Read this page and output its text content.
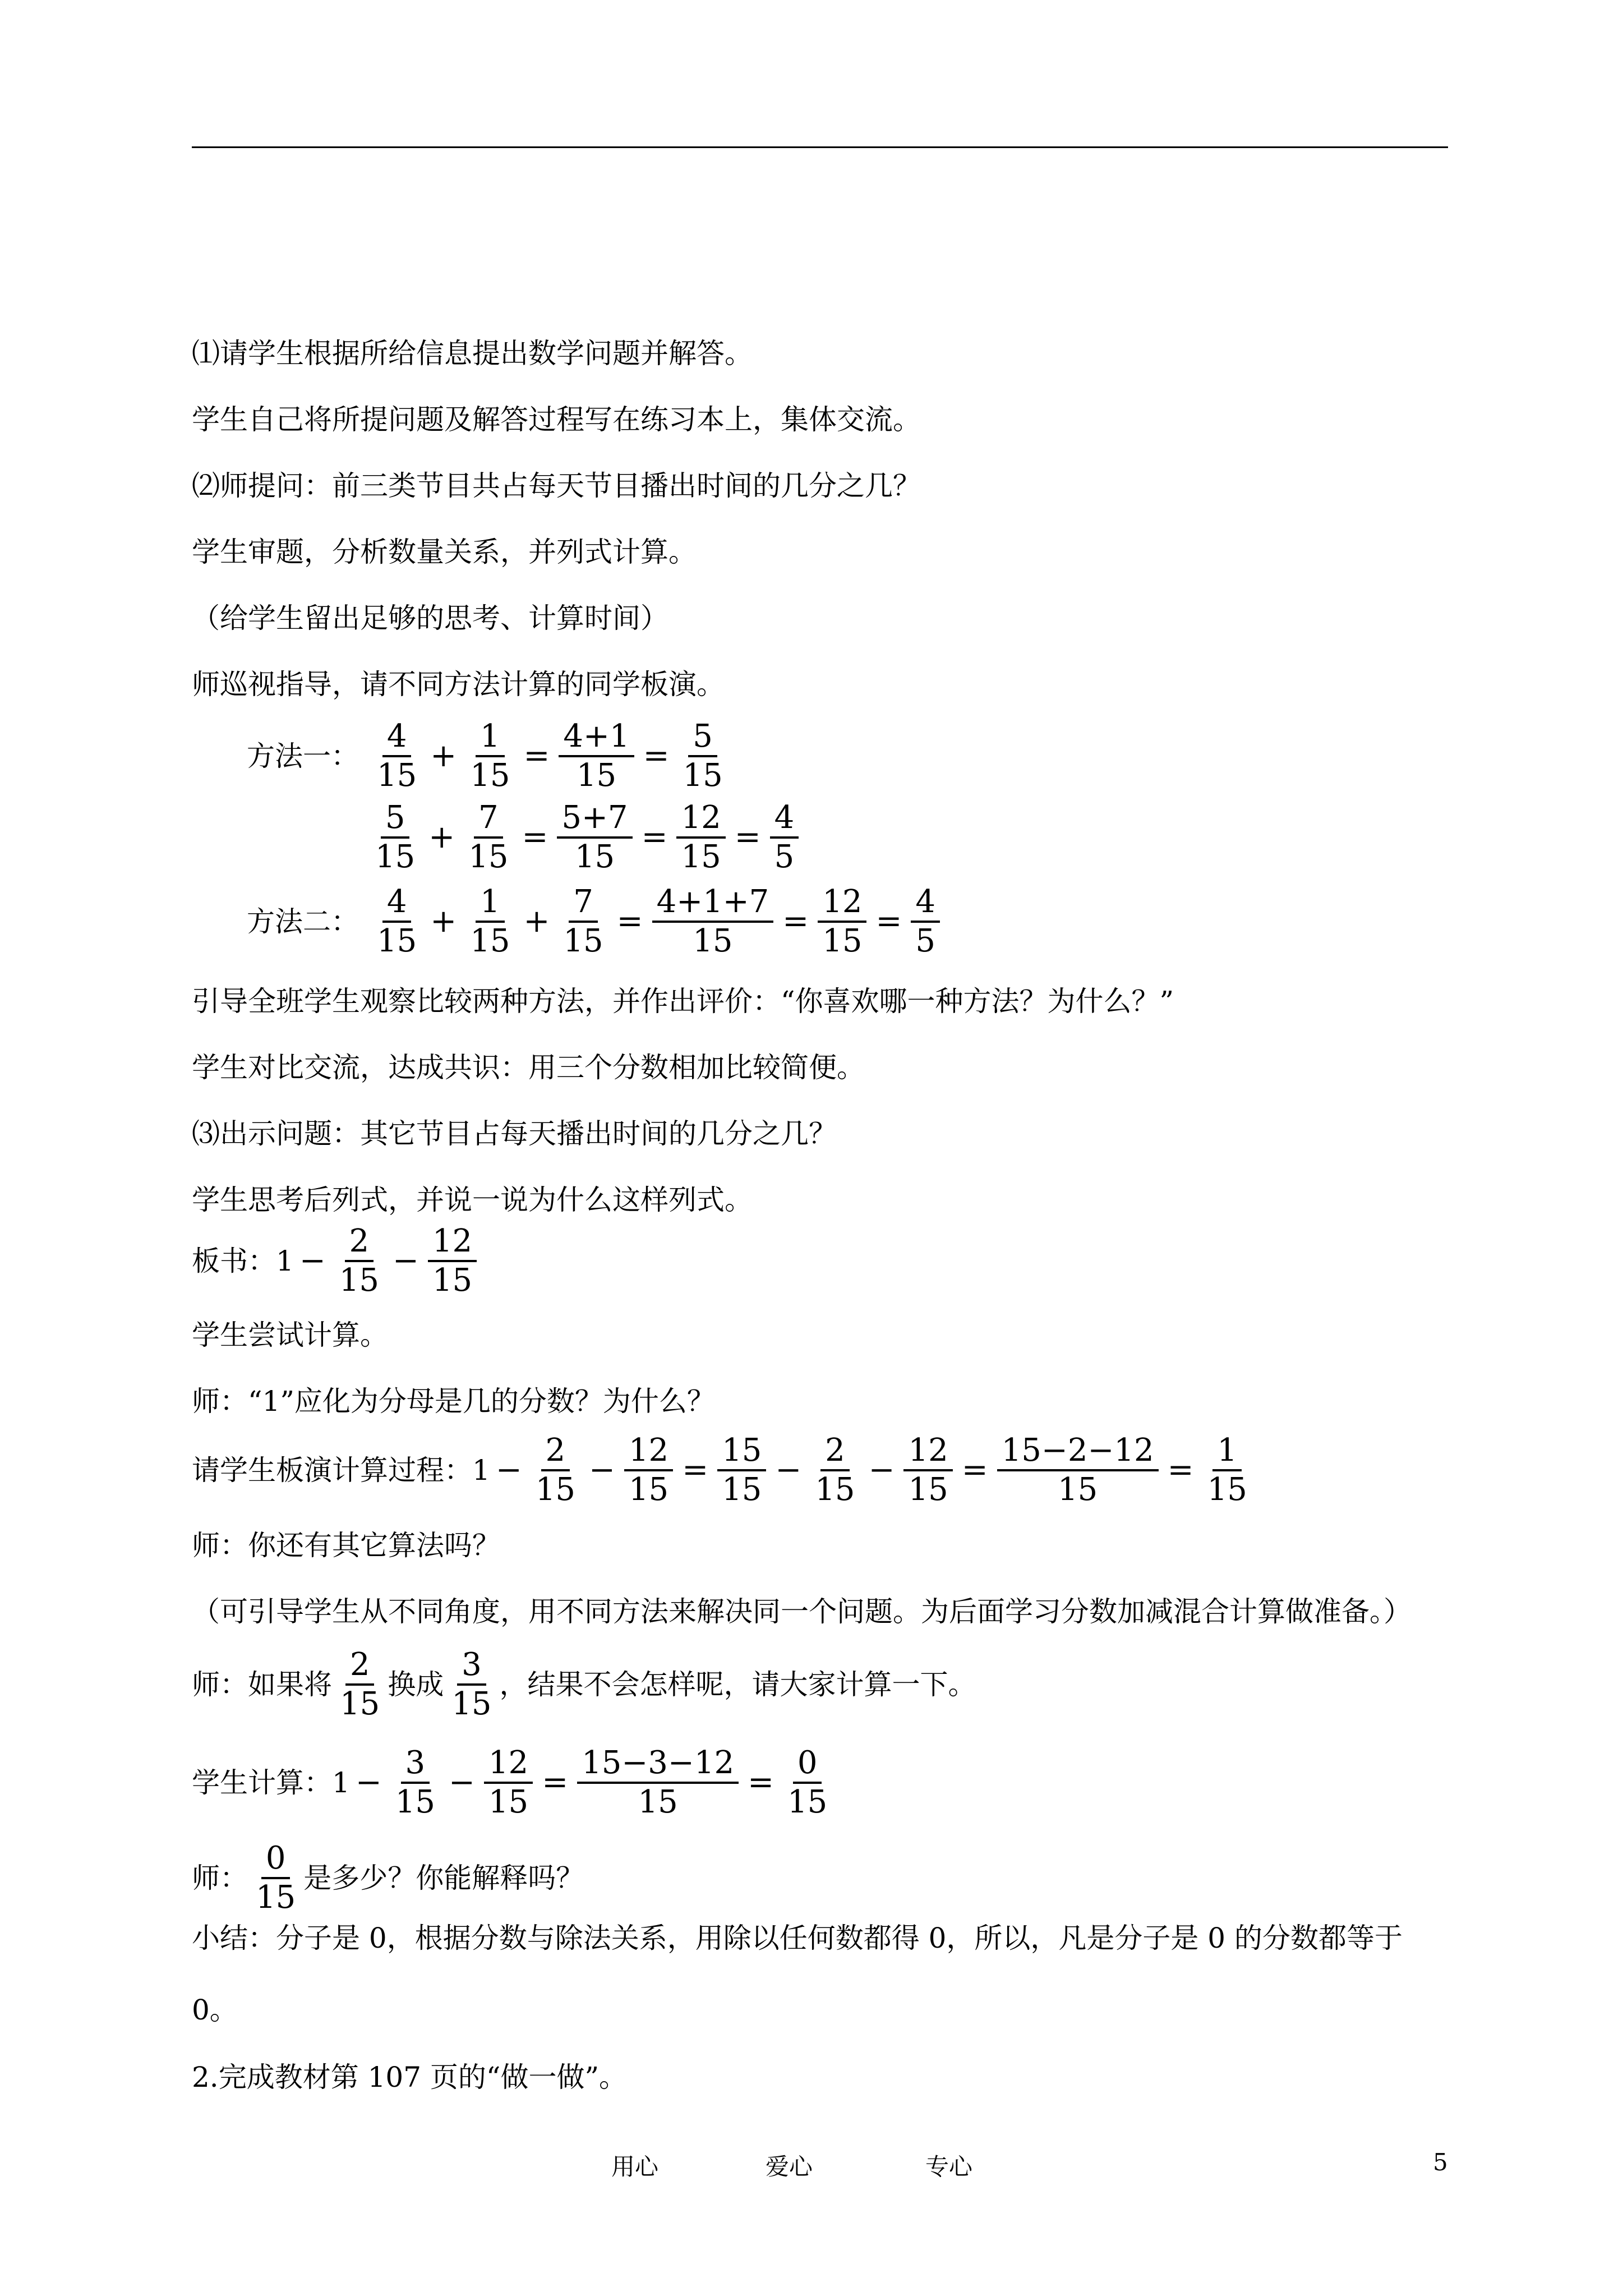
⑴请学生根据所给信息提出数学问题并解答。
学生自己将所提问题及解答过程写在练习本上，集体交流。
⑵师提问：前三类节目共占每天节目播出时间的几分之几？
学生审题，分析数量关系，并列式计算。
（给学生留出足够的思考、计算时间）
师巡视指导，请不同方法计算的同学板演。
方法一： $\frac{4}{15} + \frac{1}{15} = \frac{4+1}{15} = \frac{5}{15}$
$\frac{5}{15} + \frac{7}{15} = \frac{5+7}{15} = \frac{12}{15} = \frac{4}{5}$
方法二： $\frac{4}{15} + \frac{1}{15} + \frac{7}{15} = \frac{4+1+7}{15} = \frac{12}{15} = \frac{4}{5}$
引导全班学生观察比较两种方法，并作出评价：“你喜欢哪一种方法？为什么？”
学生对比交流，达成共识：用三个分数相加比较简便。
⑶出示问题：其它节目占每天播出时间的几分之几？
学生思考后列式，并说一说为什么这样列式。
板书： $1 - \frac{2}{15} - \frac{12}{15}$
学生尝试计算。
师：“1”应化为分母是几的分数？为什么？
请学生板演计算过程： $1 - \frac{2}{15} - \frac{12}{15} = \frac{15}{15} - \frac{2}{15} - \frac{12}{15} = \frac{15-2-12}{15} = \frac{1}{15}$
师：你还有其它算法吗？
（可引导学生从不同角度，用不同方法来解决同一个问题。为后面学习分数加减混合计算做准备。）
师：如果将 $\frac{2}{15}$ 换成 $\frac{3}{15}$ ，结果不会怎样呢，请大家计算一下。
学生计算： $1 - \frac{3}{15} - \frac{12}{15} = \frac{15-3-12}{15} = \frac{0}{15}$
师： $\frac{0}{15}$ 是多少？你能解释吗？
小结：分子是 0，根据分数与除法关系，用除以任何数都得 0，所以，凡是分子是 0 的分数都等于
0。
2.完成教材第 107 页的“做一做”。
用心	爱心	专心	5
